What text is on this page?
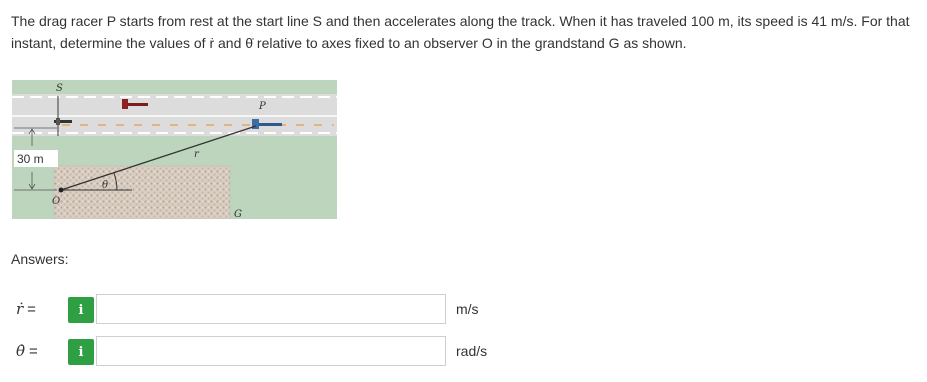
The drag racer P starts from rest at the start line S and then accelerates along the track. When it has traveled 100 m, its speed is 41 m/s. For that instant, determine the values of ṙ and θ̇ relative to axes fixed to an observer O in the grandstand G as shown.
S
P
r
θ
O
G
30 m
Answers:
ṙ =	i	m/s
θ̇ =	i	rad/s
